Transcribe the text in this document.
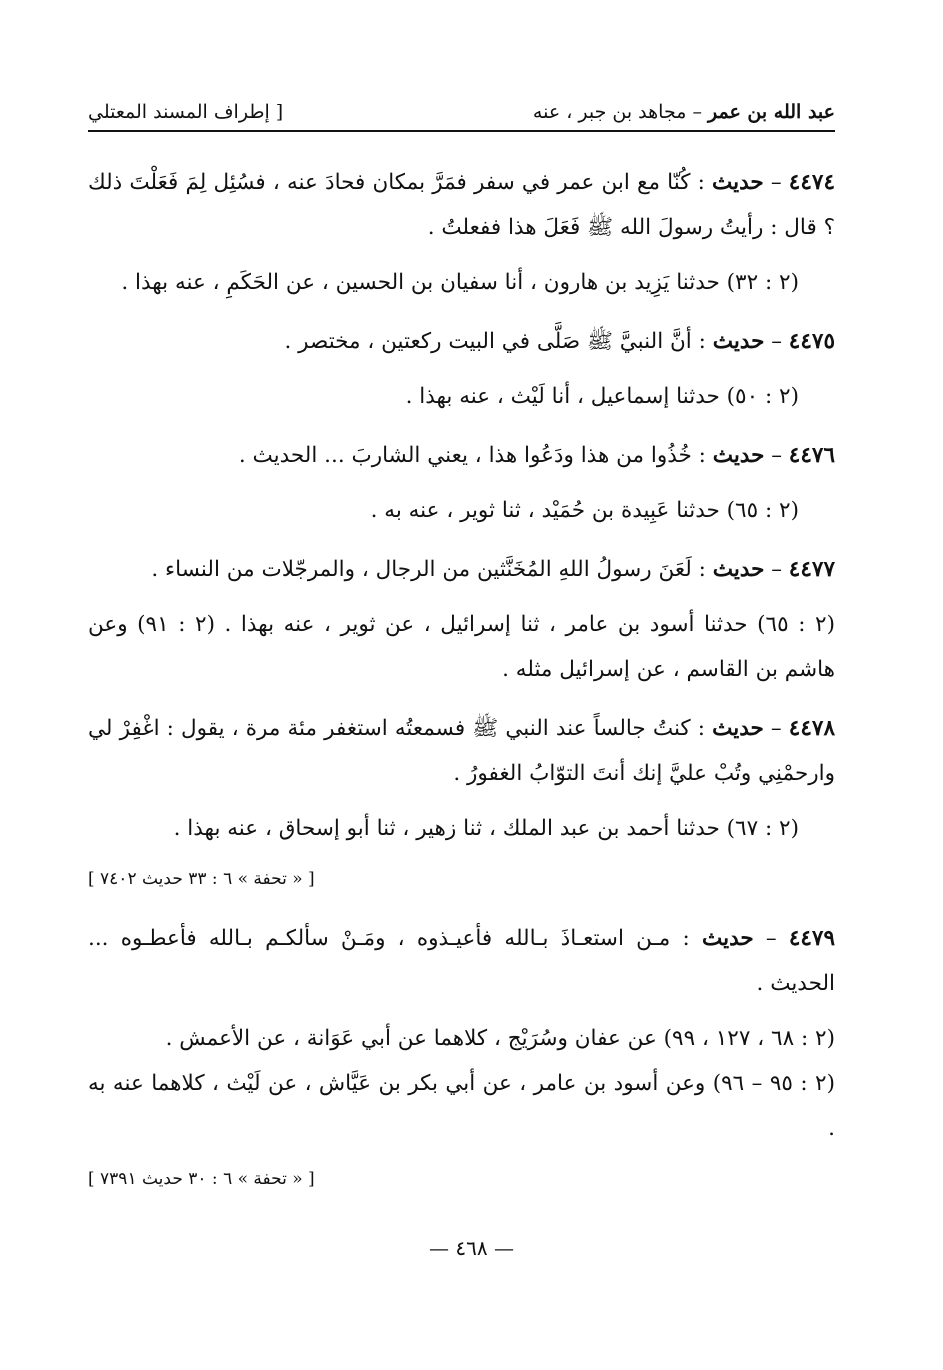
عبد الله بن عمر – مجاهد بن جبر ، عنه
[ إطراف المسند المعتلي

٤٤٧٤ – حديث : كُنّا مع ابن عمر في سفر فمَرَّ بمكان فحادَ عنه ، فسُئِل لِمَ فَعَلْتَ ذلك ؟ قال : رأيتُ رسولَ الله ﷺ فَعَلَ هذا ففعلتُ .

(٢ : ٣٢) حدثنا يَزِيد بن هارون ، أنا سفيان بن الحسين ، عن الحَكَمِ ، عنه بهذا .

٤٤٧٥ – حديث : أنَّ النبيَّ ﷺ صَلَّى في البيت ركعتين ، مختصر .

(٢ : ٥٠) حدثنا إسماعيل ، أنا لَيْث ، عنه بهذا .

٤٤٧٦ – حديث : خُذُوا من هذا ودَعُوا هذا ، يعني الشاربَ ... الحديث .

(٢ : ٦٥) حدثنا عَبِيدة بن حُمَيْد ، ثنا ثوير ، عنه به .

٤٤٧٧ – حديث : لَعَنَ رسولُ اللهِ المُخَنَّثين من الرجال ، والمرجّلات من النساء .

(٢ : ٦٥) حدثنا أسود بن عامر ، ثنا إسرائيل ، عن ثوير ، عنه بهذا . (٢ : ٩١) وعن هاشم بن القاسم ، عن إسرائيل مثله .

٤٤٧٨ – حديث : كنتُ جالساً عند النبي ﷺ فسمعتُه استغفر مئة مرة ، يقول : اغْفِرْ لي وارحمْنِي وتُبْ عليَّ إنك أنتَ التوّابُ الغفورُ .

(٢ : ٦٧) حدثنا أحمد بن عبد الملك ، ثنا زهير ، ثنا أبو إسحاق ، عنه بهذا .

[ « تحفة » ٦ : ٣٣ حديث ٧٤٠٢ ]

٤٤٧٩ – حديث : مـن استعـاذَ بـالله فأعيـذوه ، ومَـنْ سألكـم بـالله فأعطـوه ... الحديث .

(٢ : ٦٨ ، ١٢٧ ، ٩٩) عن عفان وسُرَيْج ، كلاهما عن أبي عَوَانة ، عن الأعمش .

(٢ : ٩٥ – ٩٦) وعن أسود بن عامر ، عن أبي بكر بن عَيَّاش ، عن لَيْث ، كلاهما عنه به .

[ « تحفة » ٦ : ٣٠ حديث ٧٣٩١ ]

— ٤٦٨ —
